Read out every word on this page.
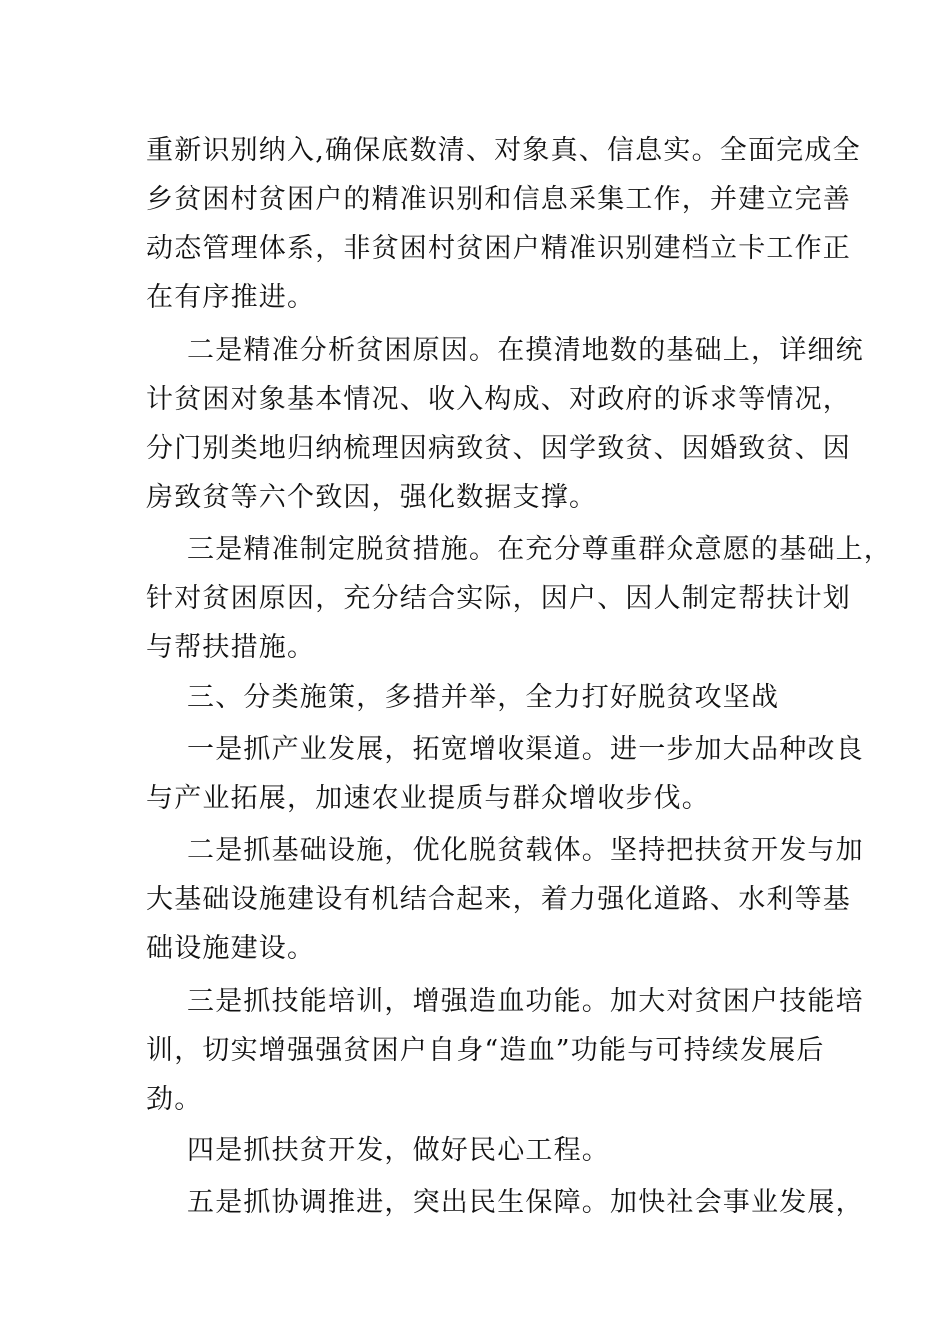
重新识别纳入,确保底数清、对象真、信息实。全面完成全
乡贫困村贫困户的精准识别和信息采集工作，并建立完善
动态管理体系，非贫困村贫困户精准识别建档立卡工作正
在有序推进。
二是精准分析贫困原因。在摸清地数的基础上，详细统
计贫困对象基本情况、收入构成、对政府的诉求等情况，
分门别类地归纳梳理因病致贫、因学致贫、因婚致贫、因
房致贫等六个致因，强化数据支撑。
三是精准制定脱贫措施。在充分尊重群众意愿的基础上，
针对贫困原因，充分结合实际，因户、因人制定帮扶计划
与帮扶措施。
三、分类施策，多措并举，全力打好脱贫攻坚战
一是抓产业发展，拓宽增收渠道。进一步加大品种改良
与产业拓展，加速农业提质与群众增收步伐。
二是抓基础设施，优化脱贫载体。坚持把扶贫开发与加
大基础设施建设有机结合起来，着力强化道路、水利等基
础设施建设。
三是抓技能培训，增强造血功能。加大对贫困户技能培
训，切实增强强贫困户自身“造血”功能与可持续发展后
劲。
四是抓扶贫开发，做好民心工程。
五是抓协调推进，突出民生保障。加快社会事业发展，
